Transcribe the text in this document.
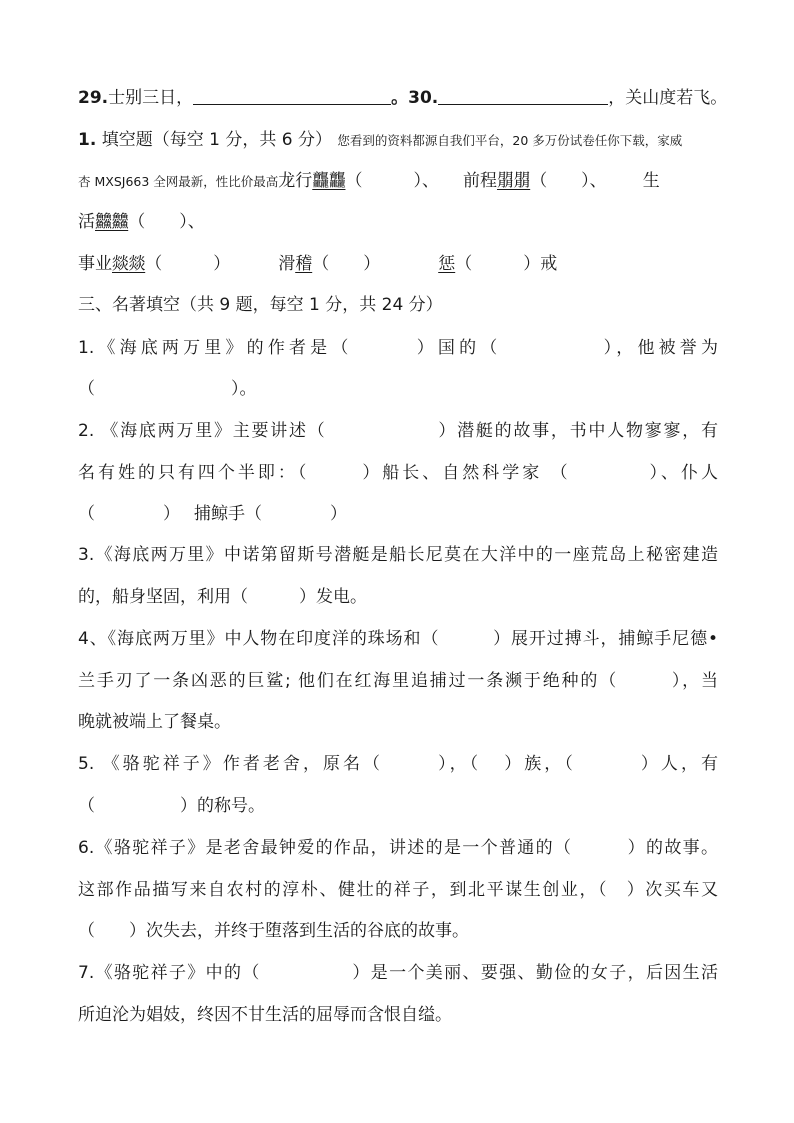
29.士别三日，	。30.	，关山度若飞。
1. 填空题（每空 1 分，共 6 分） 您看到的资料都源自我们平台，20 多万份试卷任你下载，家威
杏 MXSJ663 全网最新，性比价最高龙行龘龘（　　　）、 前程朤朤（　　）、 生
活䲜䲜（　　）、
事业燚燚（　　　）	滑稽（　　）	惩（　　　）戒
三、名著填空（共 9 题，每空 1 分，共 24 分）
1.《海底两万里》的作者是（	）国的（	），他被誉为
（　　　　　　　　）。
2. 《海底两万里》主要讲述（	）潜艇的故事，书中人物寥寥，有
名有姓的只有四个半即：（	）船长、自然科学家 （	）、仆人
（　　　　） 捕鲸手（　　　　）
3.《海底两万里》中诺第留斯号潜艇是船长尼莫在大洋中的一座荒岛上秘密建造
的，船身坚固，利用（　　　）发电。
4、《海底两万里》中人物在印度洋的珠场和（　　　）展开过搏斗，捕鲸手尼德•
兰手刃了一条凶恶的巨鲨; 他们在红海里追捕过一条濒于绝种的（	），当
晚就被端上了餐桌。
5. 《骆驼祥子》作者老舍，原名（	），（ ）族，（	）人，有
（　　　　　）的称号。
6.《骆驼祥子》是老舍最钟爱的作品，讲述的是一个普通的（	）的故事。
这部作品描写来自农村的淳朴、健壮的祥子，到北平谋生创业，（　）次买车又
（　　）次失去，并终于堕落到生活的谷底的故事。
7.《骆驼祥子》中的（　　　　　）是一个美丽、要强、勤俭的女子，后因生活
所迫沦为娼妓，终因不甘生活的屈辱而含恨自缢。
